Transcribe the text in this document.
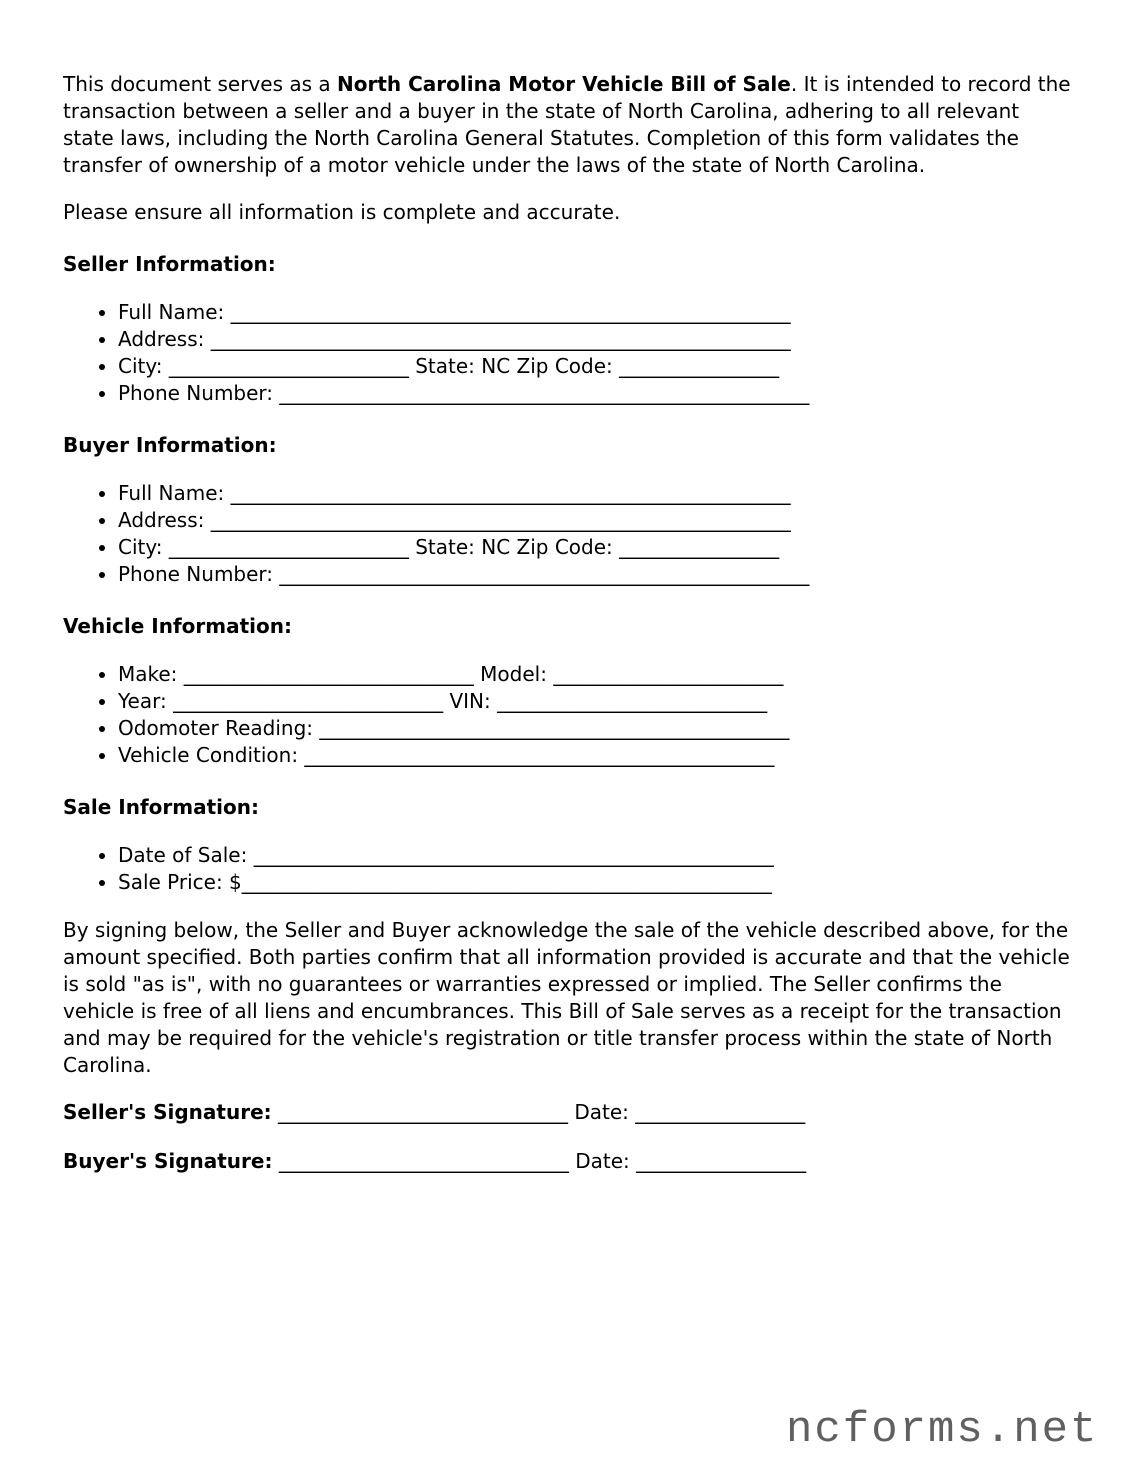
This document serves as a North Carolina Motor Vehicle Bill of Sale. It is intended to record the transaction between a seller and a buyer in the state of North Carolina, adhering to all relevant state laws, including the North Carolina General Statutes. Completion of this form validates the transfer of ownership of a motor vehicle under the laws of the state of North Carolina.

Please ensure all information is complete and accurate.

Seller Information:
• Full Name: ________________________________________________________
• Address: __________________________________________________________
• City: ________________________ State: NC Zip Code: ________________
• Phone Number: _____________________________________________________
Buyer Information:
• Full Name: ________________________________________________________
• Address: __________________________________________________________
• City: ________________________ State: NC Zip Code: ________________
• Phone Number: _____________________________________________________
Vehicle Information:
• Make: _____________________________ Model: _______________________
• Year: ___________________________ VIN: ___________________________
• Odomoter Reading: _______________________________________________
• Vehicle Condition: _______________________________________________
Sale Information:
• Date of Sale: ____________________________________________________
• Sale Price: $_____________________________________________________

By signing below, the Seller and Buyer acknowledge the sale of the vehicle described above, for the amount specified. Both parties confirm that all information provided is accurate and that the vehicle is sold "as is", with no guarantees or warranties expressed or implied. The Seller confirms the vehicle is free of all liens and encumbrances. This Bill of Sale serves as a receipt for the transaction and may be required for the vehicle's registration or title transfer process within the state of North Carolina.

Seller's Signature: _____________________________ Date: _________________

Buyer's Signature: _____________________________ Date: _________________

ncforms.net
